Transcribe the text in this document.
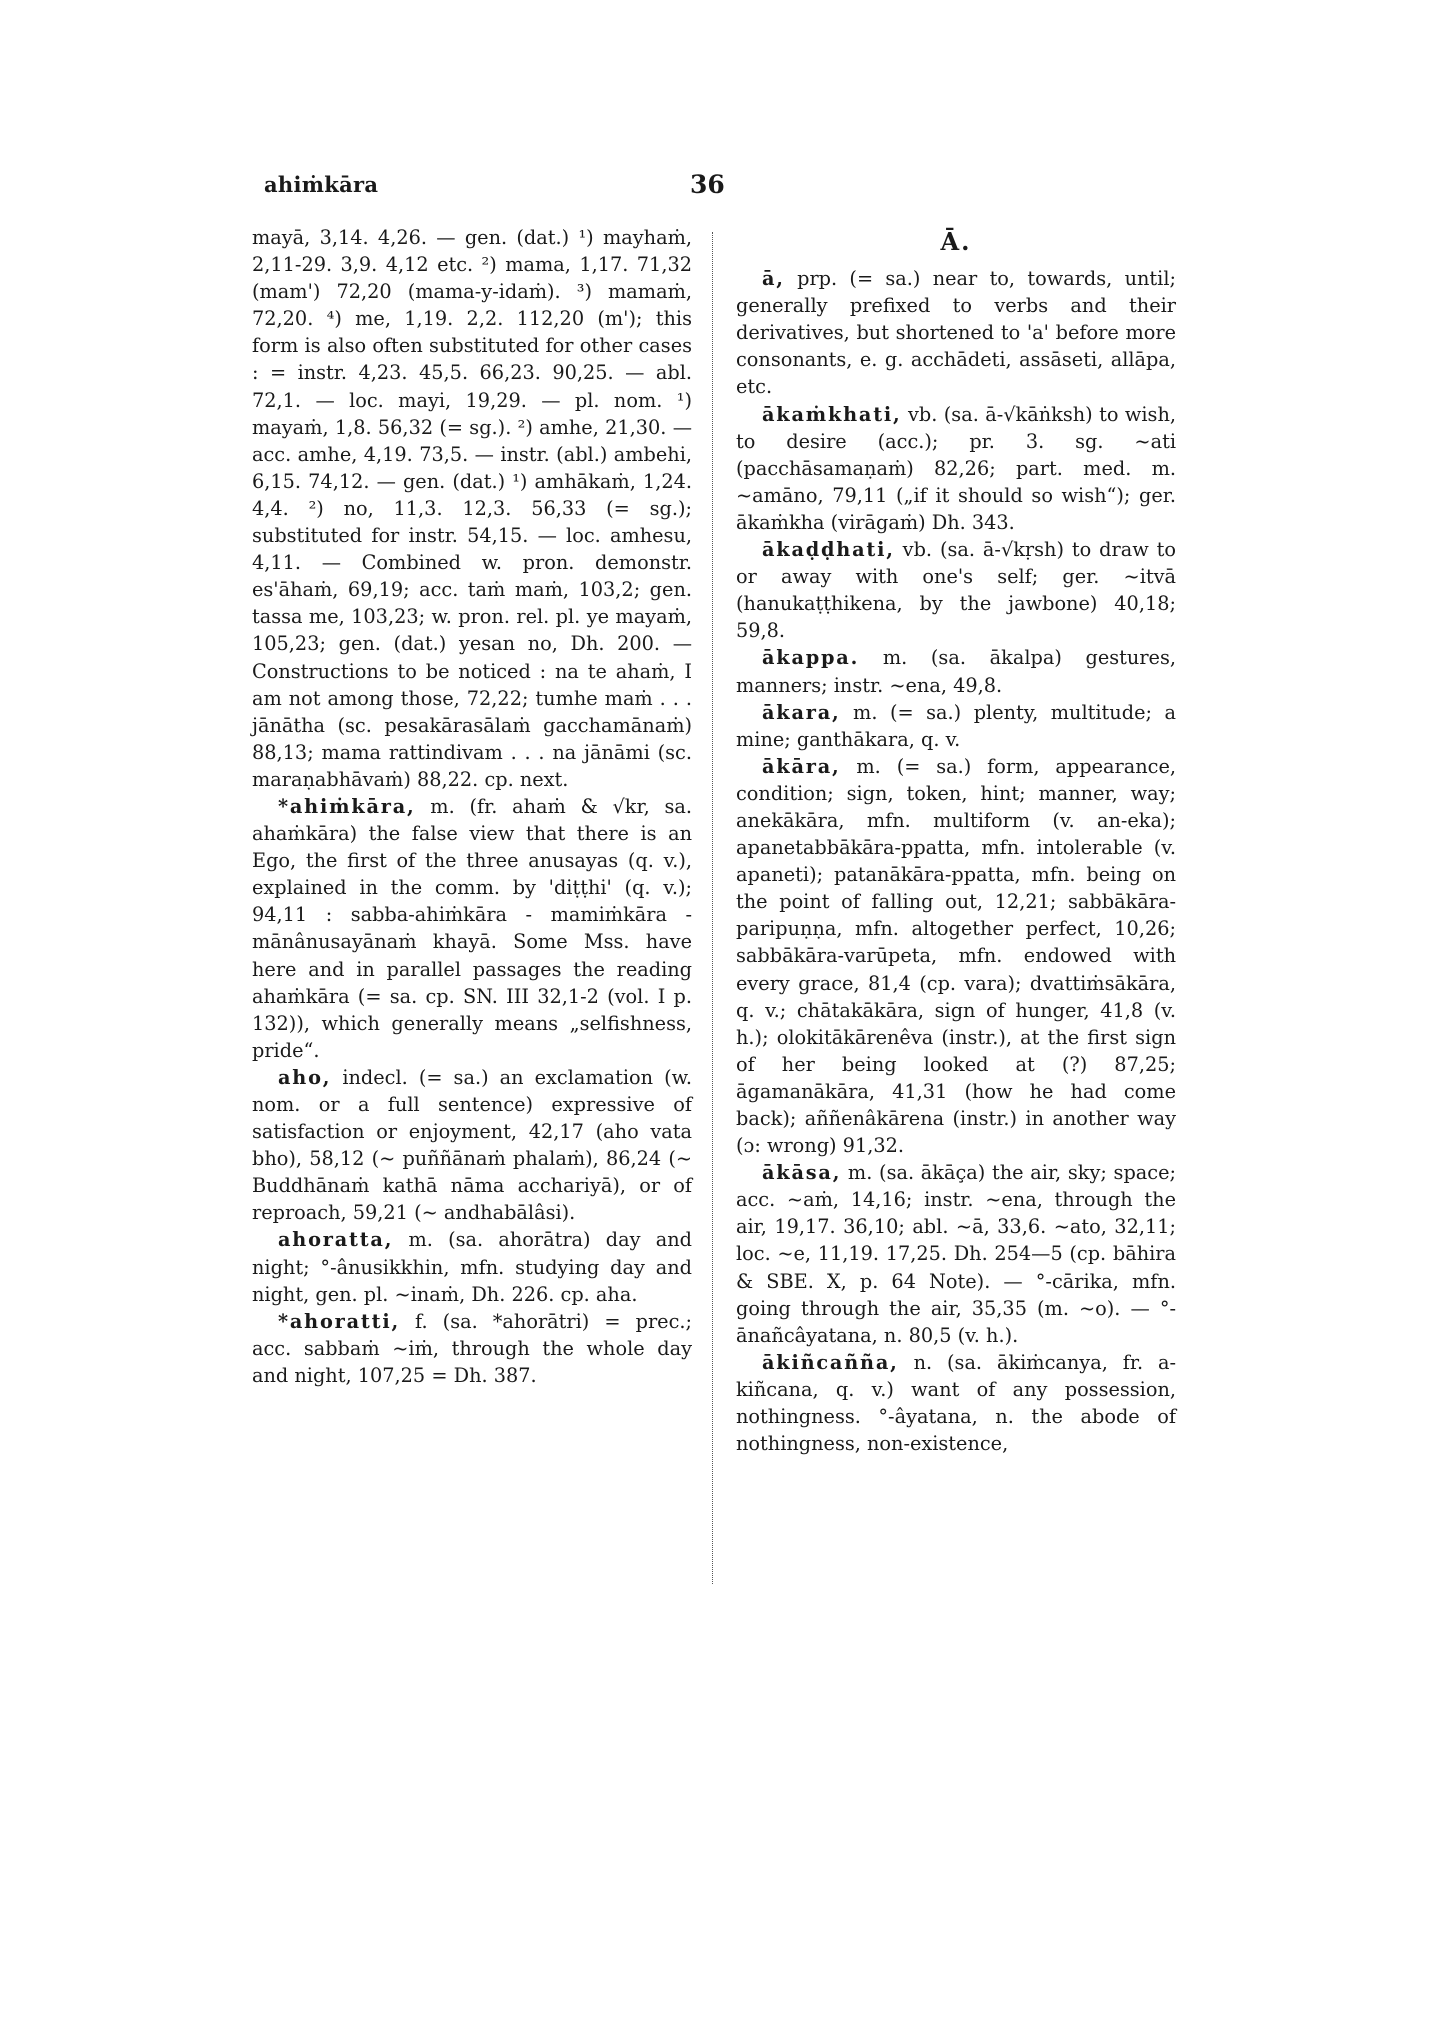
ahiṁkāra	36

mayā, 3,14. 4,26. — gen. (dat.) ¹) mayhaṁ, 2,11-29. 3,9. 4,12 etc. ²) mama, 1,17. 71,32 (mam') 72,20 (mama-y-idaṁ). ³) mamaṁ, 72,20. ⁴) me, 1,19. 2,2. 112,20 (m'); this form is also often substituted for other cases : = instr. 4,23. 45,5. 66,23. 90,25. — abl. 72,1. — loc. mayi, 19,29. — pl. nom. ¹) mayaṁ, 1,8. 56,32 (= sg.). ²) amhe, 21,30. — acc. amhe, 4,19. 73,5. — instr. (abl.) ambehi, 6,15. 74,12. — gen. (dat.) ¹) amhākaṁ, 1,24. 4,4. ²) no, 11,3. 12,3. 56,33 (= sg.); substituted for instr. 54,15. — loc. amhesu, 4,11. — Combined w. pron. demonstr. es'āhaṁ, 69,19; acc. taṁ maṁ, 103,2; gen. tassa me, 103,23; w. pron. rel. pl. ye mayaṁ, 105,23; gen. (dat.) yesan no, Dh. 200. — Constructions to be noticed : na te ahaṁ, I am not among those, 72,22; tumhe maṁ . . . jānātha (sc. pesakārasālaṁ gacchamānaṁ) 88,13; mama rattindivam . . . na jānāmi (sc. maraṇabhāvaṁ) 88,22. cp. next.

*ahiṁkāra, m. (fr. ahaṁ & √kr, sa. ahaṁkāra) the false view that there is an Ego, the first of the three anusayas (q. v.), explained in the comm. by 'diṭṭhi' (q. v.); 94,11 : sabba-ahiṁkāra - mamiṁkāra - mānânusayānaṁ khayā. Some Mss. have here and in parallel passages the reading ahaṁkāra (= sa. cp. SN. III 32,1-2 (vol. I p. 132)), which generally means „selfishness, pride“.

aho, indecl. (= sa.) an exclamation (w. nom. or a full sentence) expressive of satisfaction or enjoyment, 42,17 (aho vata bho), 58,12 (~ puññānaṁ phalaṁ), 86,24 (~ Buddhānaṁ kathā nāma acchariyā), or of reproach, 59,21 (~ andhabālâsi).

ahoratta, m. (sa. ahorātra) day and night; °-ânusikkhin, mfn. studying day and night, gen. pl. ~inaṁ, Dh. 226. cp. aha.

*ahoratti, f. (sa. *ahorātri) = prec.; acc. sabbaṁ ~iṁ, through the whole day and night, 107,25 = Dh. 387.

Ā.

ā, prp. (= sa.) near to, towards, until; generally prefixed to verbs and their derivatives, but shortened to 'a' before more consonants, e. g. acchādeti, assāseti, allāpa, etc.

ākaṁkhati, vb. (sa. ā-√kāṅksh) to wish, to desire (acc.); pr. 3. sg. ~ati (pacchāsamaṇaṁ) 82,26; part. med. m. ~amāno, 79,11 („if it should so wish“); ger. ākaṁkha (virāgaṁ) Dh. 343.

ākaḍḍhati, vb. (sa. ā-√kṛsh) to draw to or away with one's self; ger. ~itvā (hanukaṭṭhikena, by the jawbone) 40,18; 59,8.

ākappa. m. (sa. ākalpa) gestures, manners; instr. ~ena, 49,8.

ākara, m. (= sa.) plenty, multitude; a mine; ganthākara, q. v.

ākāra, m. (= sa.) form, appearance, condition; sign, token, hint; manner, way; anekākāra, mfn. multiform (v. an-eka); apanetabbākāra-ppatta, mfn. intolerable (v. apaneti); patanākāra-ppatta, mfn. being on the point of falling out, 12,21; sabbākāra-paripuṇṇa, mfn. altogether perfect, 10,26; sabbākāra-varūpeta, mfn. endowed with every grace, 81,4 (cp. vara); dvattiṁsākāra, q. v.; chātakākāra, sign of hunger, 41,8 (v. h.); olokitākārenêva (instr.), at the first sign of her being looked at (?) 87,25; āgamanākāra, 41,31 (how he had come back); aññenâkārena (instr.) in another way (ɔ: wrong) 91,32.

ākāsa, m. (sa. ākāça) the air, sky; space; acc. ~aṁ, 14,16; instr. ~ena, through the air, 19,17. 36,10; abl. ~ā, 33,6. ~ato, 32,11; loc. ~e, 11,19. 17,25. Dh. 254—5 (cp. bāhira & SBE. X, p. 64 Note). — °-cārika, mfn. going through the air, 35,35 (m. ~o). — °-ānañcâyatana, n. 80,5 (v. h.).

ākiñcañña, n. (sa. ākiṁcanya, fr. a-kiñcana, q. v.) want of any possession, nothingness. °-âyatana, n. the abode of nothingness, non-existence,
